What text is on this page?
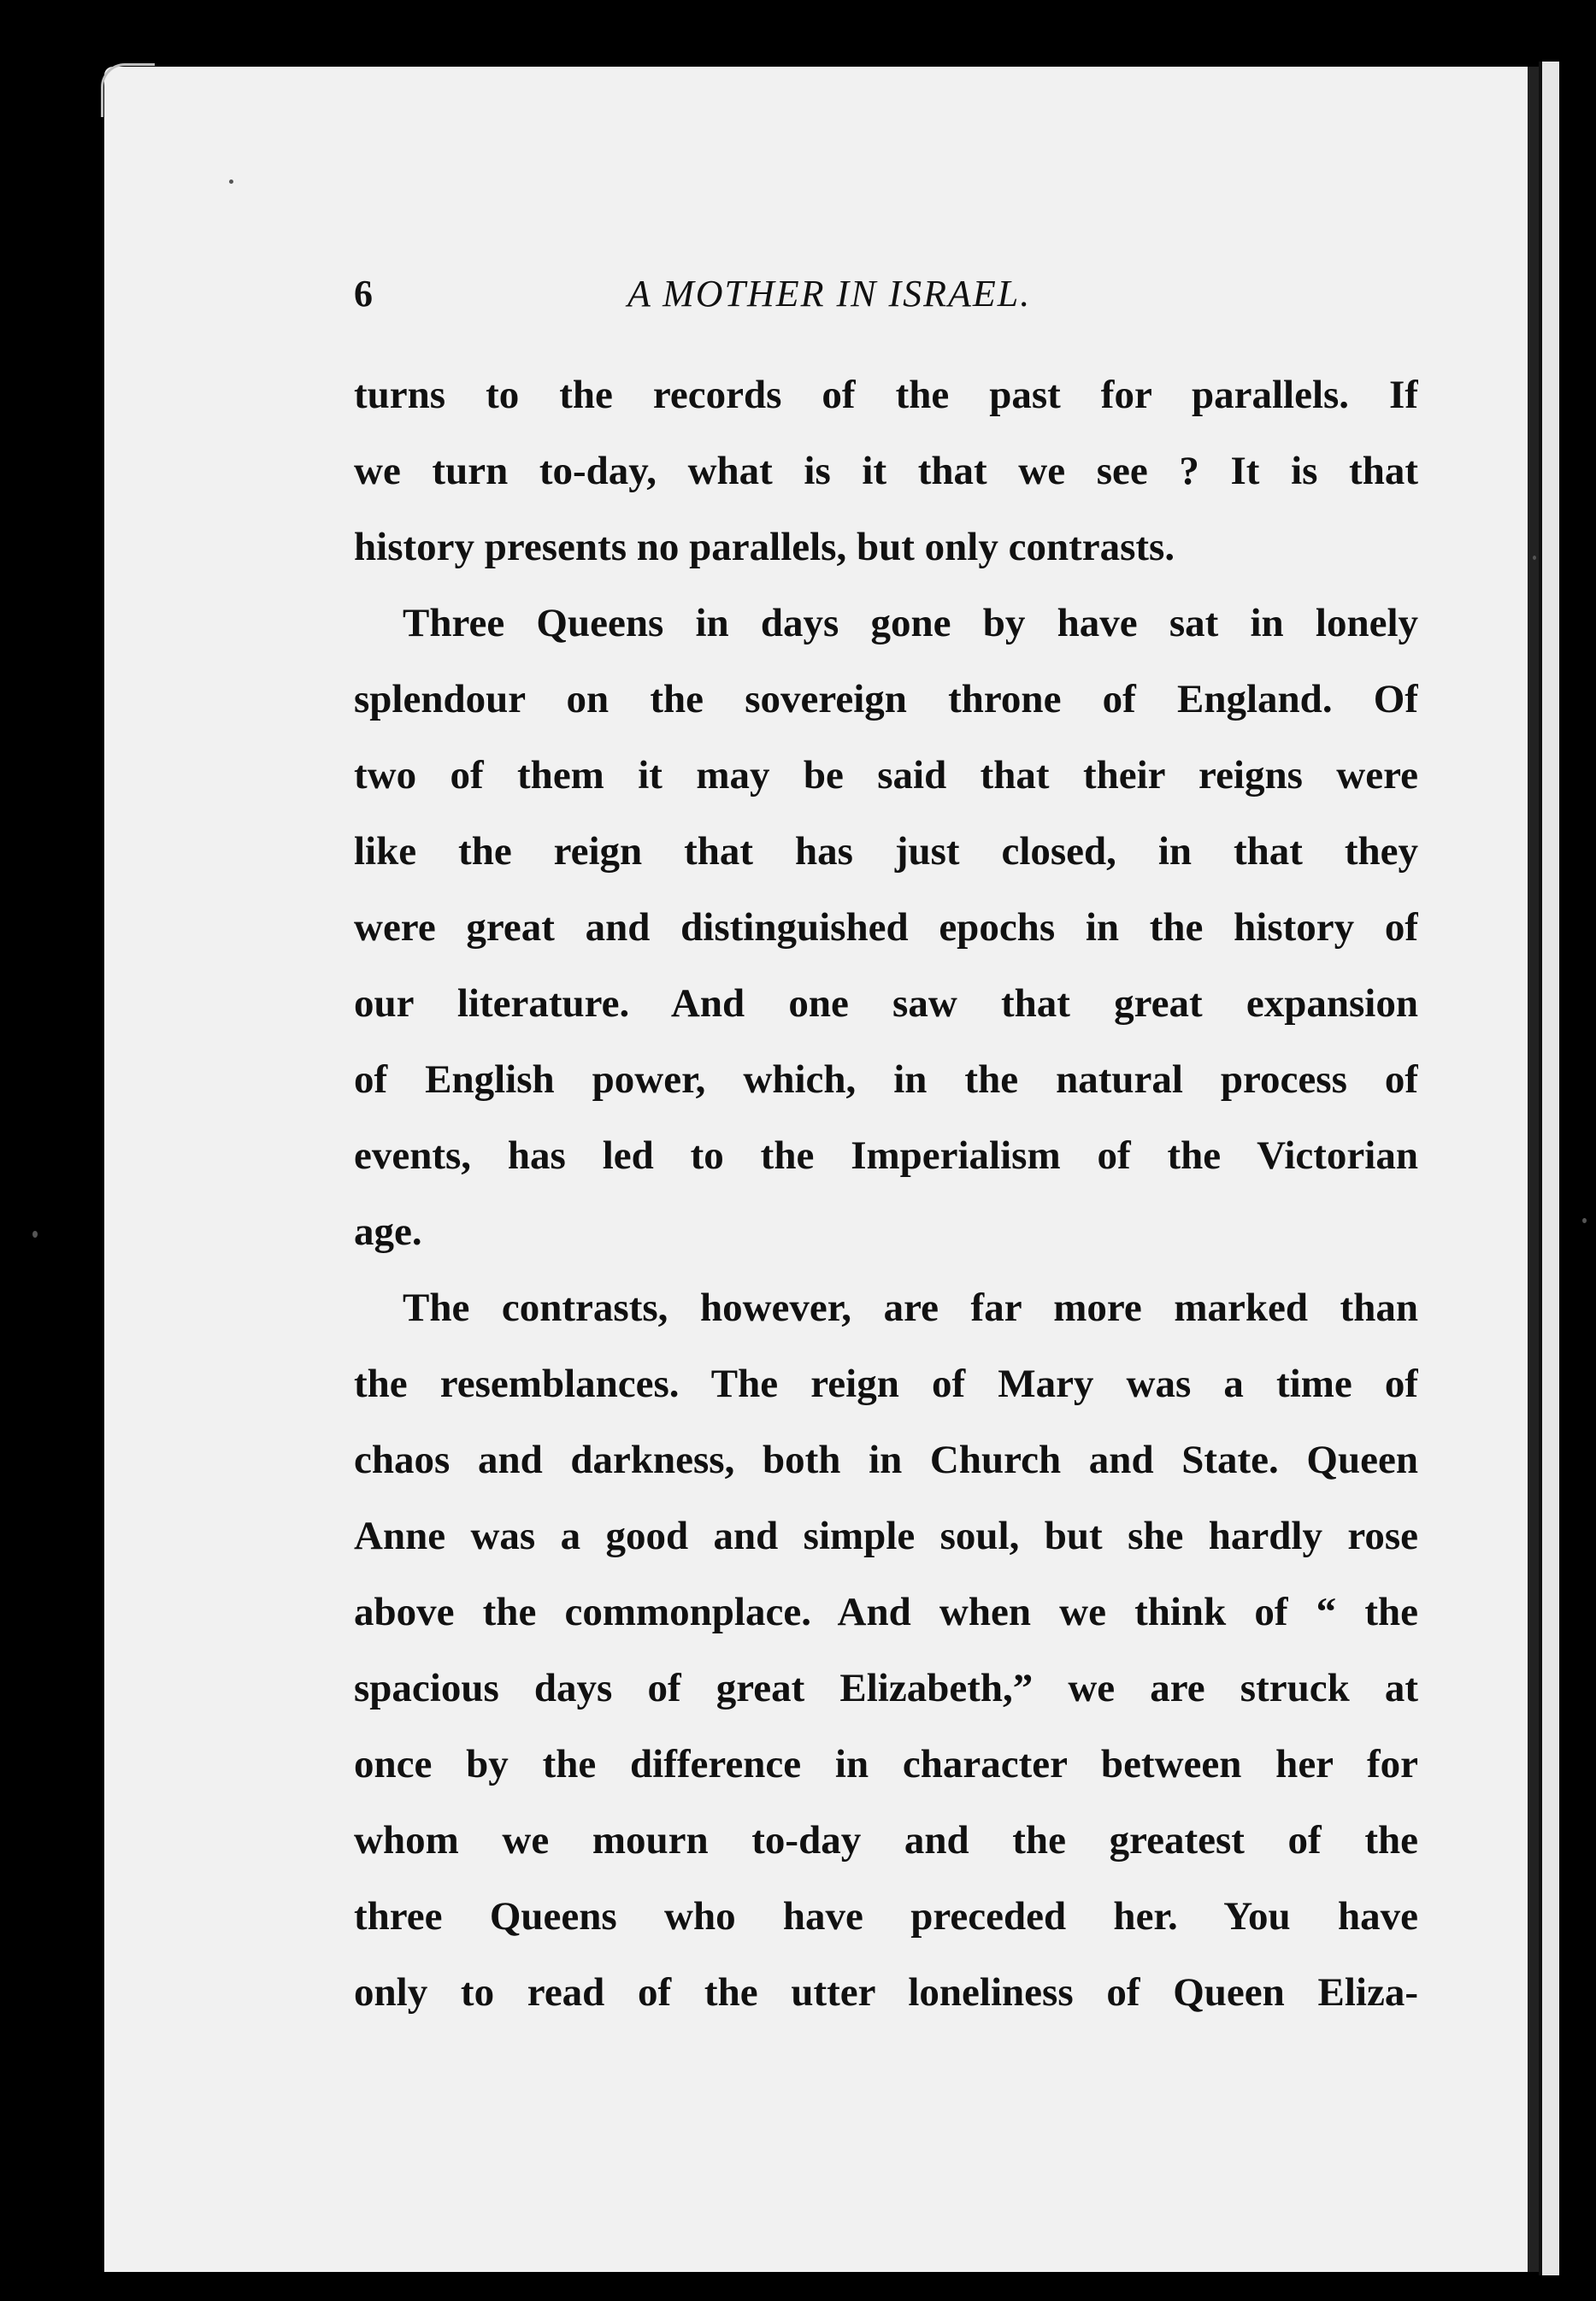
6	A MOTHER IN ISRAEL.
turns to the records of the past for parallels. If
we turn to-day, what is it that we see ? It is that
history presents no parallels, but only contrasts.
Three Queens in days gone by have sat in lonely
splendour on the sovereign throne of England. Of
two of them it may be said that their reigns were
like the reign that has just closed, in that they
were great and distinguished epochs in the history of
our literature. And one saw that great expansion
of English power, which, in the natural process of
events, has led to the Imperialism of the Victorian
age.
The contrasts, however, are far more marked than
the resemblances. The reign of Mary was a time of
chaos and darkness, both in Church and State. Queen
Anne was a good and simple soul, but she hardly rose
above the commonplace. And when we think of “ the
spacious days of great Elizabeth,” we are struck at
once by the difference in character between her for
whom we mourn to-day and the greatest of the
three Queens who have preceded her. You have
only to read of the utter loneliness of Queen Eliza-
